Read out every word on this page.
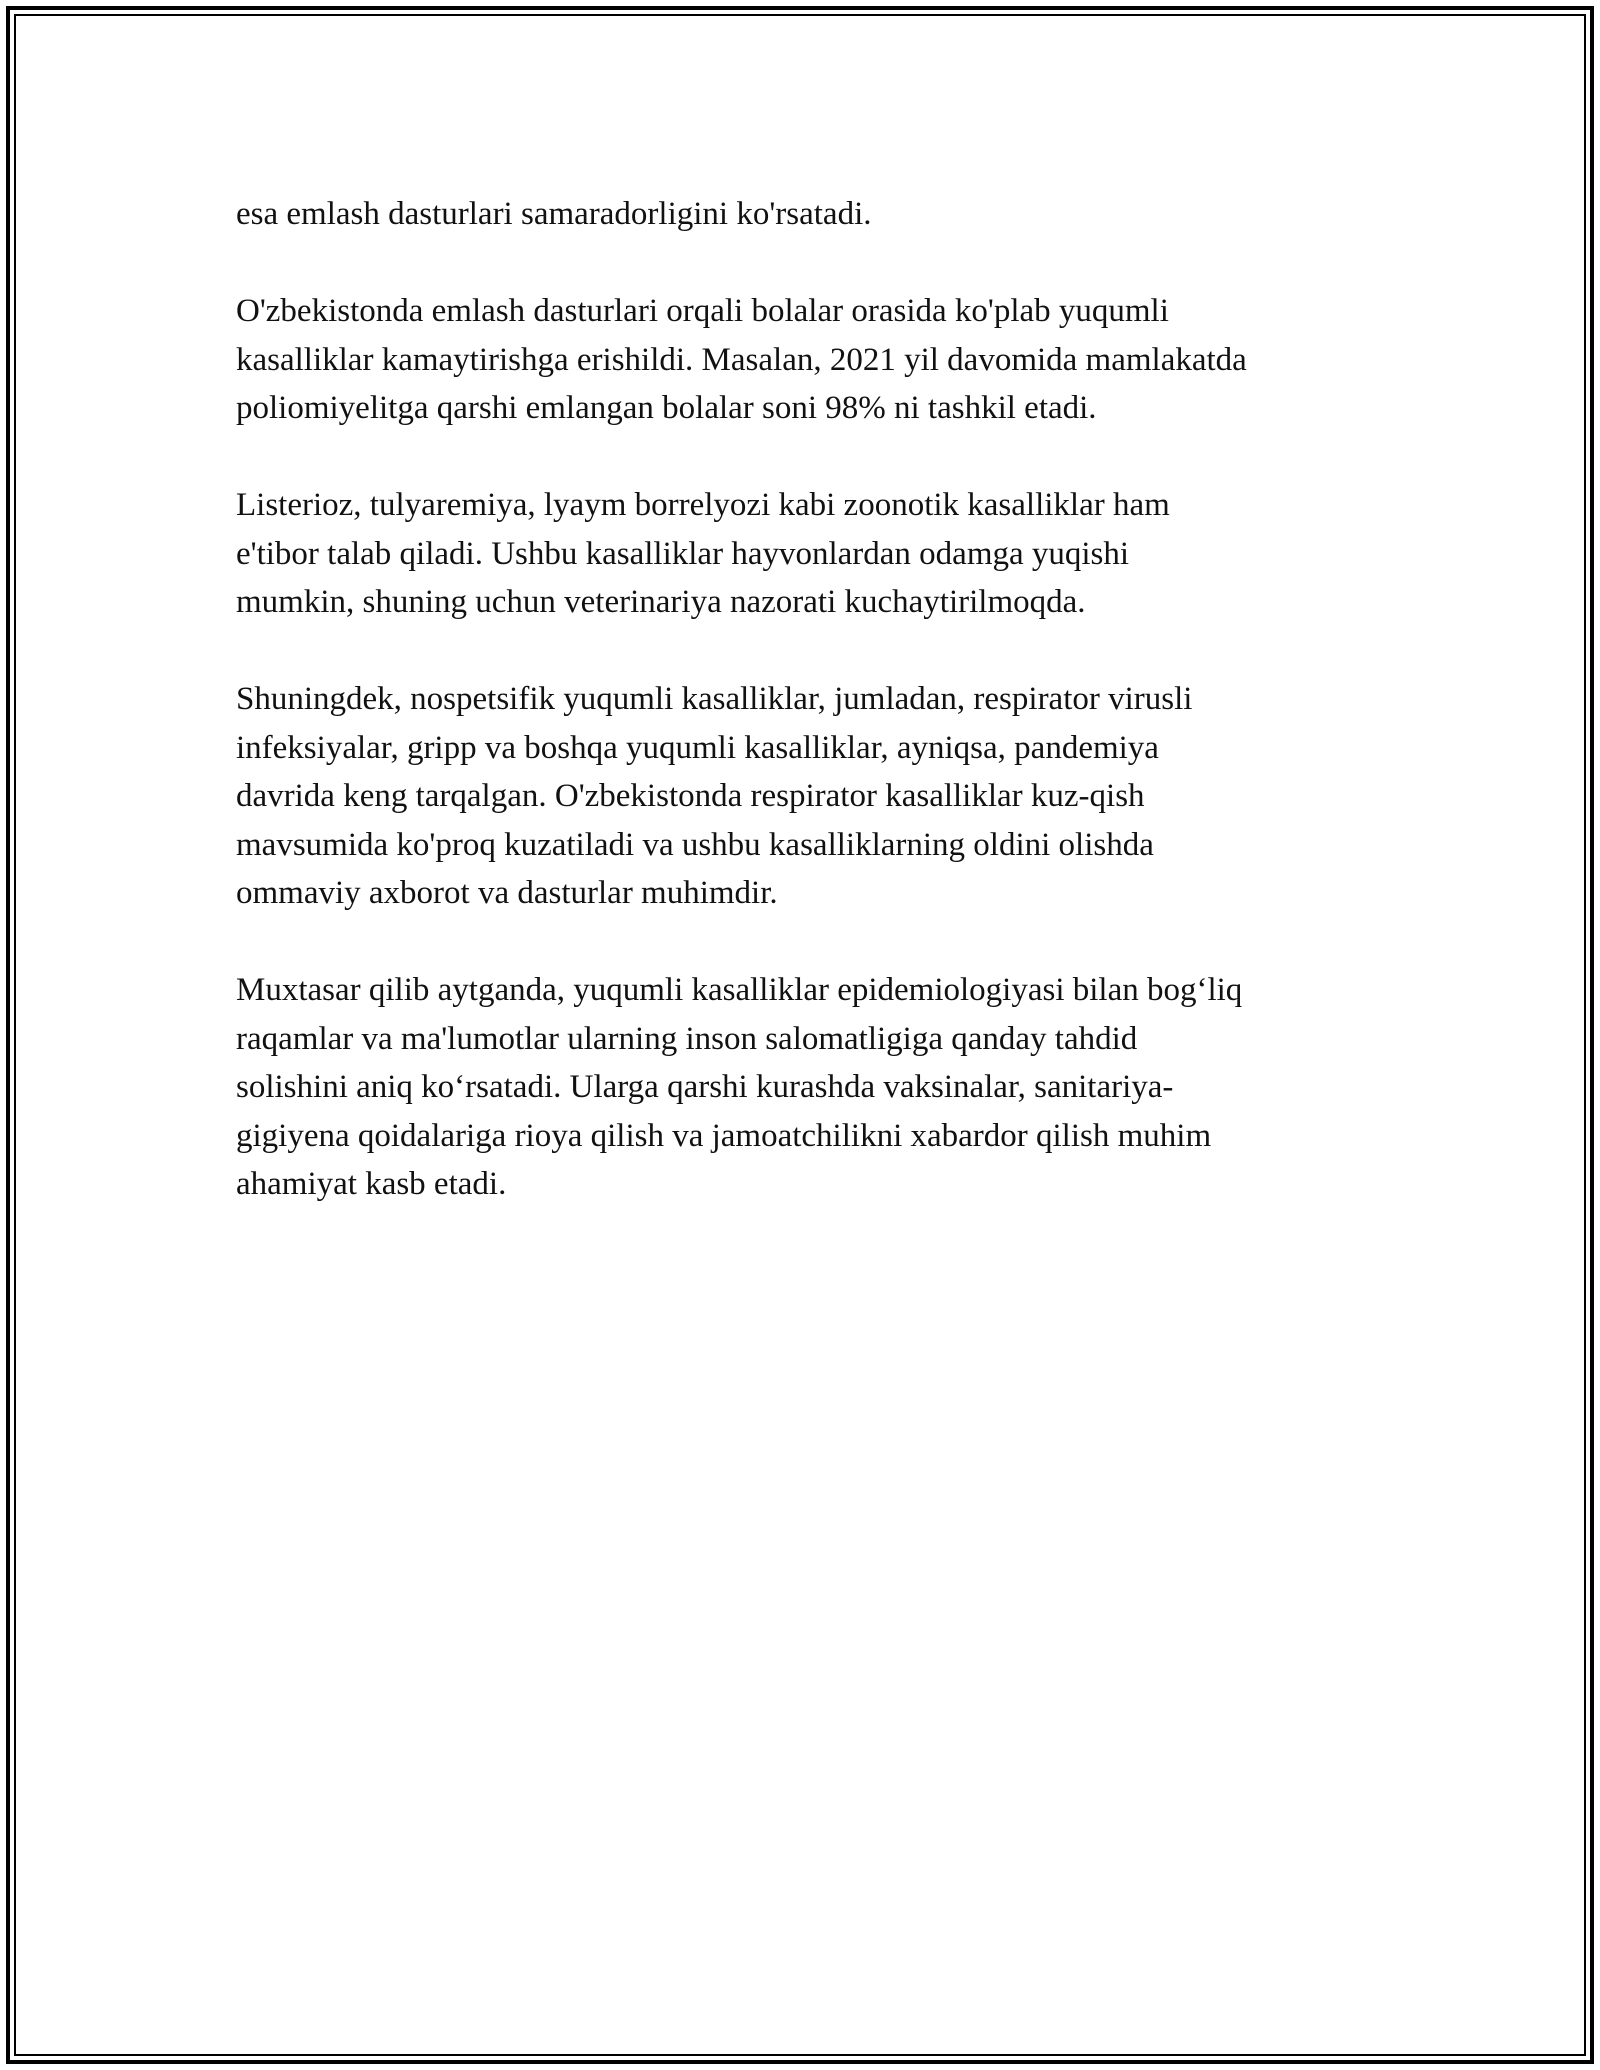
esa emlash dasturlari samaradorligini ko'rsatadi.

O'zbekistonda emlash dasturlari orqali bolalar orasida ko'plab yuqumli
kasalliklar kamaytirishga erishildi. Masalan, 2021 yil davomida mamlakatda
poliomiyelitga qarshi emlangan bolalar soni 98% ni tashkil etadi.

Listerioz, tulyaremiya, lyaym borrelyozi kabi zoonotik kasalliklar ham
e'tibor talab qiladi. Ushbu kasalliklar hayvonlardan odamga yuqishi
mumkin, shuning uchun veterinariya nazorati kuchaytirilmoqda.

Shuningdek, nospetsifik yuqumli kasalliklar, jumladan, respirator virusli
infeksiyalar, gripp va boshqa yuqumli kasalliklar, ayniqsa, pandemiya
davrida keng tarqalgan. O'zbekistonda respirator kasalliklar kuz-qish
mavsumida ko'proq kuzatiladi va ushbu kasalliklarning oldini olishda
ommaviy axborot va dasturlar muhimdir.

Muxtasar qilib aytganda, yuqumli kasalliklar epidemiologiyasi bilan bog‘liq
raqamlar va ma'lumotlar ularning inson salomatligiga qanday tahdid
solishini aniq ko‘rsatadi. Ularga qarshi kurashda vaksinalar, sanitariya-
gigiyena qoidalariga rioya qilish va jamoatchilikni xabardor qilish muhim
ahamiyat kasb etadi.
